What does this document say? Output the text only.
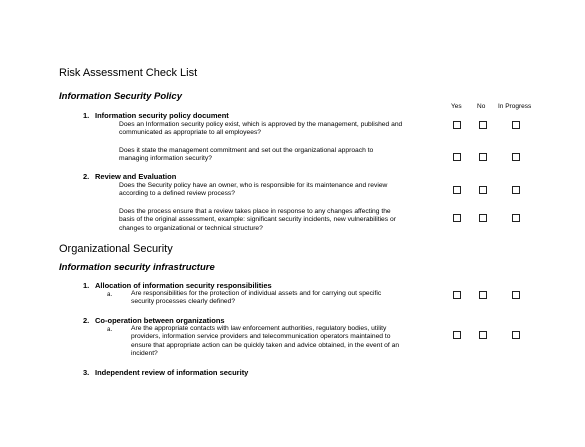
Risk Assessment Check List
Information Security Policy
Yes No In Progress
1. Information security policy document
Does an Information security policy exist, which is approved by the management, published and
communicated as appropriate to all employees?
Does it state the management commitment and set out the organizational approach to
managing information security?
2. Review and Evaluation
Does the Security policy have an owner, who is responsible for its maintenance and review
according to a defined review process?
Does the process ensure that a review takes place in response to any changes affecting the
basis of the original assessment, example: significant security incidents, new vulnerabilities or
changes to organizational or technical structure?
Organizational Security
Information security infrastructure
1. Allocation of information security responsibilities
a.	Are responsibilities for the protection of individual assets and for carrying out specific
security processes clearly defined?
2. Co-operation between organizations
a.	Are the appropriate contacts with law enforcement authorities, regulatory bodies, utility
providers, information service providers and telecommunication operators maintained to
ensure that appropriate action can be quickly taken and advice obtained, in the event of an
incident?
3. Independent review of information security
